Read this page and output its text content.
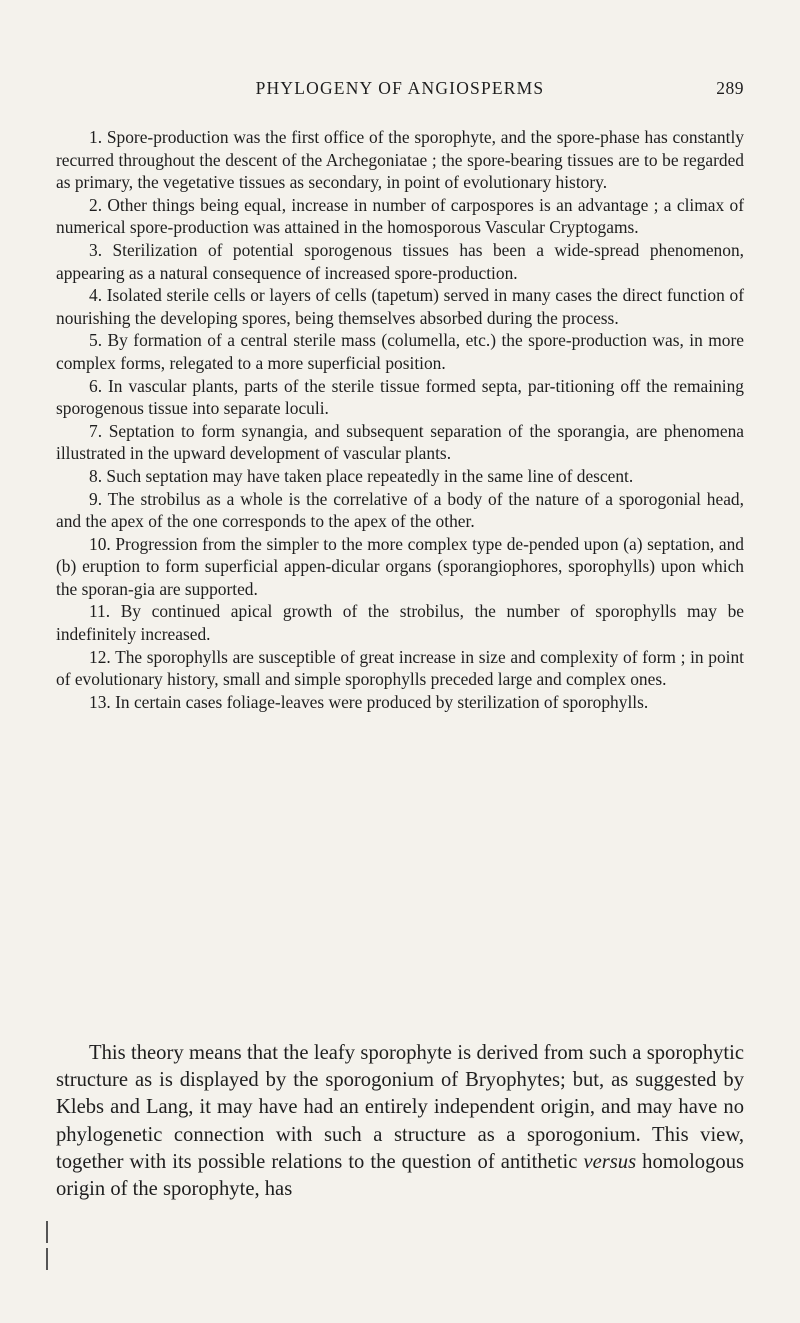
PHYLOGENY OF ANGIOSPERMS	289
1. Spore-production was the first office of the sporophyte, and the spore-phase has constantly recurred throughout the descent of the Archegoniatae ; the spore-bearing tissues are to be regarded as primary, the vegetative tissues as secondary, in point of evolutionary history.
2. Other things being equal, increase in number of carpospores is an advantage ; a climax of numerical spore-production was attained in the homosporous Vascular Cryptogams.
3. Sterilization of potential sporogenous tissues has been a wide-spread phenomenon, appearing as a natural consequence of increased spore-production.
4. Isolated sterile cells or layers of cells (tapetum) served in many cases the direct function of nourishing the developing spores, being themselves absorbed during the process.
5. By formation of a central sterile mass (columella, etc.) the spore-production was, in more complex forms, relegated to a more superficial position.
6. In vascular plants, parts of the sterile tissue formed septa, par-titioning off the remaining sporogenous tissue into separate loculi.
7. Septation to form synangia, and subsequent separation of the sporangia, are phenomena illustrated in the upward development of vascular plants.
8. Such septation may have taken place repeatedly in the same line of descent.
9. The strobilus as a whole is the correlative of a body of the nature of a sporogonial head, and the apex of the one corresponds to the apex of the other.
10. Progression from the simpler to the more complex type de-pended upon (a) septation, and (b) eruption to form superficial appen-dicular organs (sporangiophores, sporophylls) upon which the sporan-gia are supported.
11. By continued apical growth of the strobilus, the number of sporophylls may be indefinitely increased.
12. The sporophylls are susceptible of great increase in size and complexity of form ; in point of evolutionary history, small and simple sporophylls preceded large and complex ones.
13. In certain cases foliage-leaves were produced by sterilization of sporophylls.

This theory means that the leafy sporophyte is derived from such a sporophytic structure as is displayed by the sporogonium of Bryophytes; but, as suggested by Klebs and Lang, it may have had an entirely independent origin, and may have no phylogenetic connection with such a structure as a sporogonium. This view, together with its possible relations to the question of antithetic versus homologous origin of the sporophyte, has
